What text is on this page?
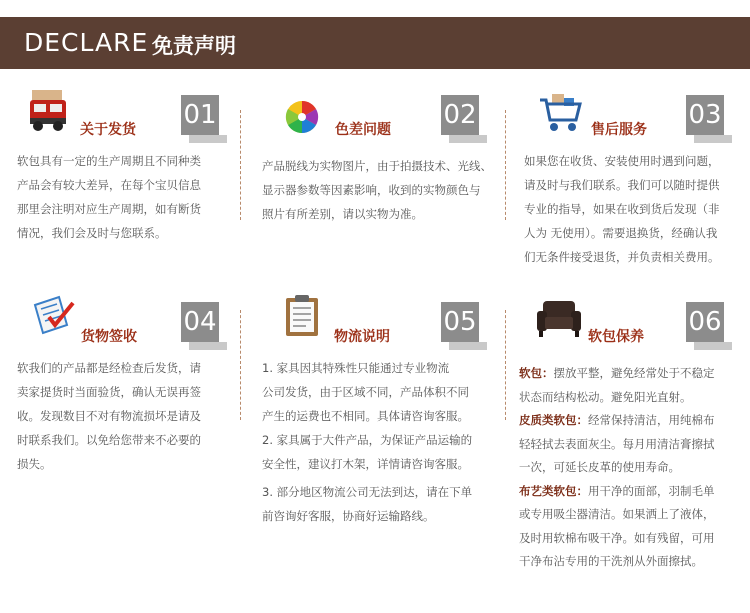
DECLARE 免责声明
关于发货 01

软包具有一定的生产周期且不同种类

产品会有较大差异，在每个宝贝信息

那里会注明对应生产周期，如有断货

情况，我们会及时与您联系。

色差问题 02

产品脱线为实物图片，由于拍摄技术、光线、

显示器参数等因素影响，收到的实物颜色与

照片有所差别，请以实物为准。

售后服务 03

如果您在收货、安装使用时遇到问题，

请及时与我们联系。我们可以随时提供

专业的指导，如果在收到货后发现（非

人为 无使用）。需要退换货，经确认我

们无条件接受退货，并负责相关费用。

货物签收 04

软我们的产品都是经检查后发货，请

卖家提货时当面验货，确认无误再签

收。发现数目不对有物流损坏是请及

时联系我们。以免给您带来不必要的

损失。

物流说明 05

1. 家具因其特殊性只能通过专业物流

公司发货，由于区域不同，产品体积不同

产生的运费也不相同。具体请咨询客服。

2. 家具属于大件产品，为保证产品运输的

安全性，建议打木架，详情请咨询客服。

3. 部分地区物流公司无法到达，请在下单

前咨询好客服，协商好运输路线。

软包保养 06

软包：摆放平整，避免经常处于不稳定

状态而结构松动。避免阳光直射。

皮质类软包：经常保持清洁，用纯棉布

轻轻拭去表面灰尘。每月用清洁膏擦拭

一次，可延长皮革的使用寿命。

布艺类软包：用干净的面部，羽制毛单

或专用吸尘器清洁。如果洒上了液体，

及时用软棉布吸干净。如有残留，可用

干净布沾专用的干洗剂从外面擦拭。
